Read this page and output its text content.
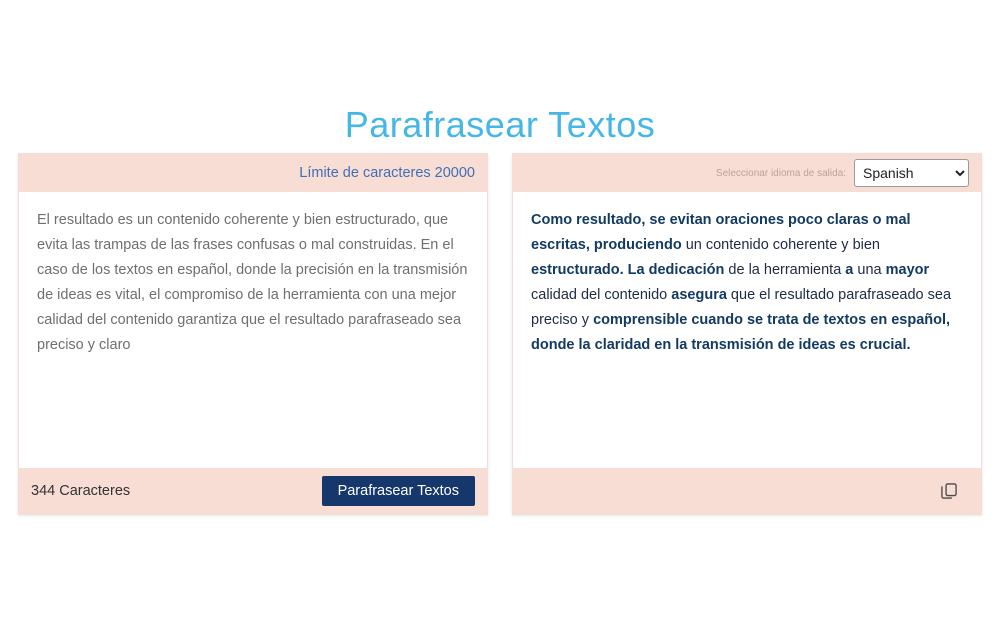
Parafrasear Textos
Límite de caracteres 20000

El resultado es un contenido coherente y bien estructurado, que evita las trampas de las frases confusas o mal construidas. En el caso de los textos en español, donde la precisión en la transmisión de ideas es vital, el compromiso de la herramienta con una mejor calidad del contenido garantiza que el resultado parafraseado sea preciso y claro

344 Caracteres	Parafrasear Textos
Seleccionar idioma de salida:
Spanish

Como resultado, se evitan oraciones poco claras o mal escritas, produciendo un contenido coherente y bien estructurado. La dedicación de la herramienta a una mayor calidad del contenido asegura que el resultado parafraseado sea preciso y comprensible cuando se trata de textos en español, donde la claridad en la transmisión de ideas es crucial.
